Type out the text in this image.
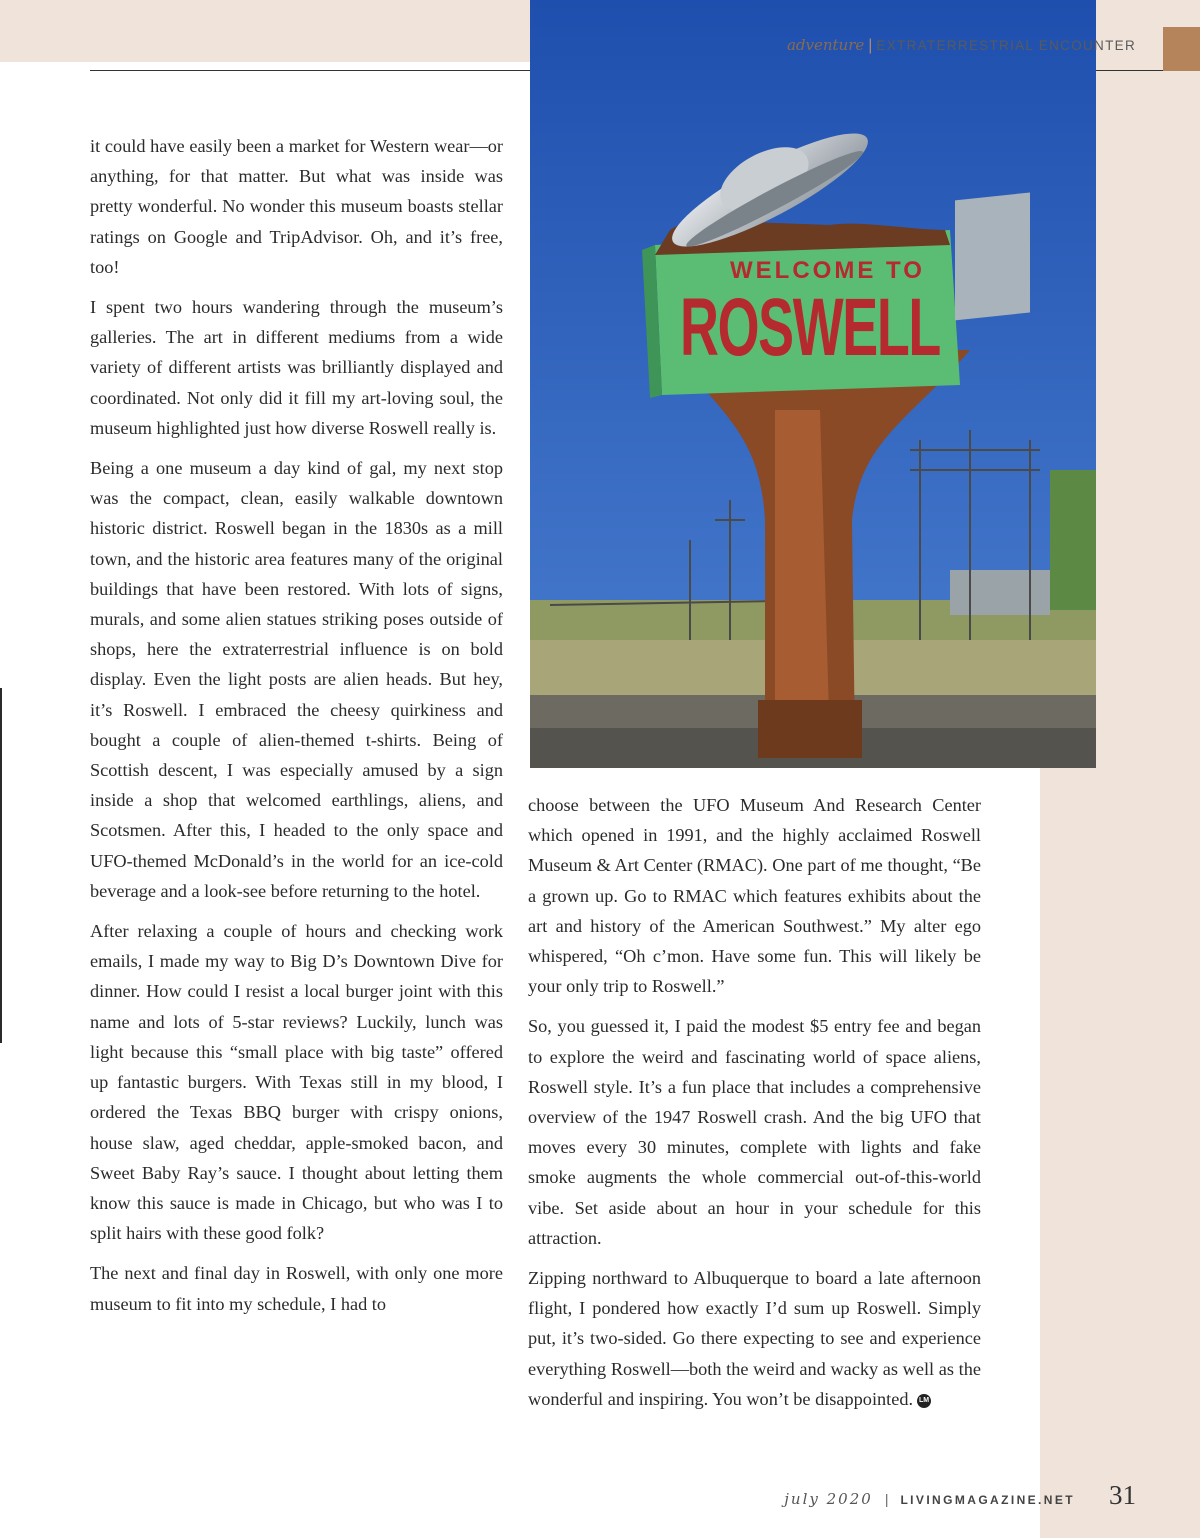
adventure | EXTRATERRESTRIAL ENCOUNTER
WELCOME TO
ROSWELL

it could have easily been a market for Western wear—or anything, for that matter. But what was inside was pretty wonderful. No wonder this museum boasts stellar ratings on Google and TripAdvisor. Oh, and it’s free, too!

I spent two hours wandering through the museum’s galleries. The art in different mediums from a wide variety of different artists was brilliantly displayed and coordinated. Not only did it fill my art-loving soul, the museum highlighted just how diverse Roswell really is.

Being a one museum a day kind of gal, my next stop was the compact, clean, easily walkable downtown historic district. Roswell began in the 1830s as a mill town, and the historic area features many of the original buildings that have been restored. With lots of signs, murals, and some alien statues striking poses outside of shops, here the extraterrestrial influence is on bold display. Even the light posts are alien heads. But hey, it’s Roswell. I embraced the cheesy quirkiness and bought a couple of alien-themed t-shirts. Being of Scottish descent, I was especially amused by a sign inside a shop that welcomed earthlings, aliens, and Scotsmen. After this, I headed to the only space and UFO-themed McDonald’s in the world for an ice-cold beverage and a look-see before returning to the hotel.

After relaxing a couple of hours and checking work emails, I made my way to Big D’s Downtown Dive for dinner. How could I resist a local burger joint with this name and lots of 5-star reviews? Luckily, lunch was light because this “small place with big taste” offered up fantastic burgers. With Texas still in my blood, I ordered the Texas BBQ burger with crispy onions, house slaw, aged cheddar, apple-smoked bacon, and Sweet Baby Ray’s sauce. I thought about letting them know this sauce is made in Chicago, but who was I to split hairs with these good folk?

The next and final day in Roswell, with only one more museum to fit into my schedule, I had to

choose between the UFO Museum And Research Center which opened in 1991, and the highly acclaimed Roswell Museum & Art Center (RMAC). One part of me thought, “Be a grown up. Go to RMAC which features exhibits about the art and history of the American Southwest.” My alter ego whispered, “Oh c’mon. Have some fun. This will likely be your only trip to Roswell.”

So, you guessed it, I paid the modest $5 entry fee and began to explore the weird and fascinating world of space aliens, Roswell style. It’s a fun place that includes a comprehensive overview of the 1947 Roswell crash. And the big UFO that moves every 30 minutes, complete with lights and fake smoke augments the whole commercial out-of-this-world vibe. Set aside about an hour in your schedule for this attraction.

Zipping northward to Albuquerque to board a late afternoon flight, I pondered how exactly I’d sum up Roswell. Simply put, it’s two-sided. Go there expecting to see and experience everything Roswell—both the weird and wacky as well as the wonderful and inspiring. You won’t be disappointed. LM

july 2020 | LIVINGMAGAZINE.NET 31
